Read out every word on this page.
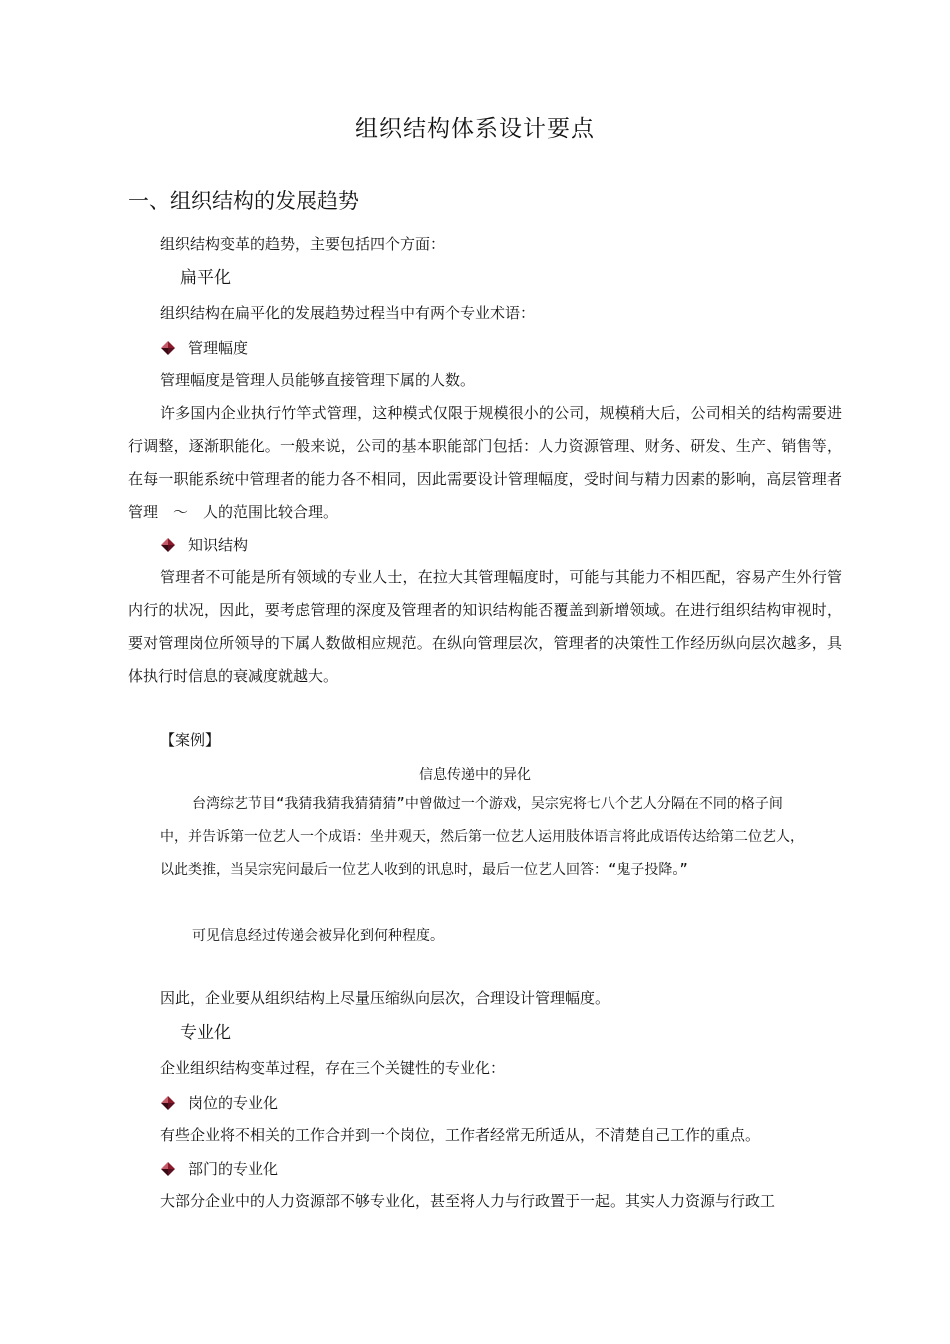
组织结构体系设计要点
一、组织结构的发展趋势
组织结构变革的趋势，主要包括四个方面：
扁平化
组织结构在扁平化的发展趋势过程当中有两个专业术语：
管理幅度
管理幅度是管理人员能够直接管理下属的人数。
许多国内企业执行竹竿式管理，这种模式仅限于规模很小的公司，规模稍大后，公司相关的结构需要进行调整，逐渐职能化。一般来说，公司的基本职能部门包括：人力资源管理、财务、研发、生产、销售等，在每一职能系统中管理者的能力各不相同，因此需要设计管理幅度，受时间与精力因素的影响，高层管理者管理　～　人的范围比较合理。
知识结构
管理者不可能是所有领域的专业人士，在拉大其管理幅度时，可能与其能力不相匹配，容易产生外行管内行的状况，因此，要考虑管理的深度及管理者的知识结构能否覆盖到新增领域。在进行组织结构审视时，要对管理岗位所领导的下属人数做相应规范。在纵向管理层次，管理者的决策性工作经历纵向层次越多，具体执行时信息的衰减度就越大。
【案例】
信息传递中的异化
台湾综艺节目“我猜我猜我猜猜猜”中曾做过一个游戏，吴宗宪将七八个艺人分隔在不同的格子间中，并告诉第一位艺人一个成语：坐井观天，然后第一位艺人运用肢体语言将此成语传达给第二位艺人，以此类推，当吴宗宪问最后一位艺人收到的讯息时，最后一位艺人回答：“鬼子投降。”
可见信息经过传递会被异化到何种程度。
因此，企业要从组织结构上尽量压缩纵向层次，合理设计管理幅度。
专业化
企业组织结构变革过程，存在三个关键性的专业化：
岗位的专业化
有些企业将不相关的工作合并到一个岗位，工作者经常无所适从，不清楚自己工作的重点。
部门的专业化
大部分企业中的人力资源部不够专业化，甚至将人力与行政置于一起。其实人力资源与行政工
